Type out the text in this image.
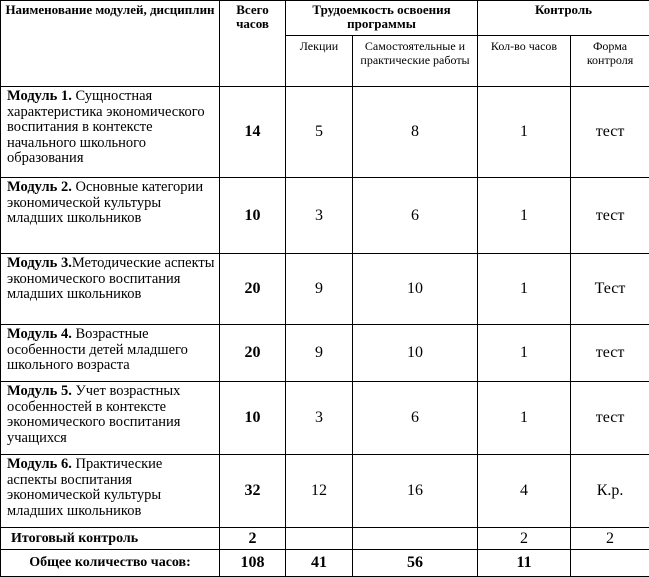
Наименование модулей, дисциплин	Всего часов	Трудоемкость освоения программы		Контроль	
		Лекции	Самостоятельные и практические работы	Кол-во часов	Форма контроля
Модуль 1. Сущностная характеристика экономического воспитания в контексте начального школьного образования	14	5	8	1	тест
Модуль 2. Основные категории экономической культуры младших школьников	10	3	6	1	тест
Модуль 3.Методические аспекты экономического воспитания младших школьников	20	9	10	1	Тест
Модуль 4. Возрастные особенности детей младшего школьного возраста	20	9	10	1	тест
Модуль 5. Учет возрастных особенностей в контексте экономического воспитания учащихся	10	3	6	1	тест
Модуль 6. Практические аспекты воспитания экономической культуры младших школьников	32	12	16	4	К.р.
Итоговый контроль	2			2	2
Общее количество часов:	108	41	56	11	
